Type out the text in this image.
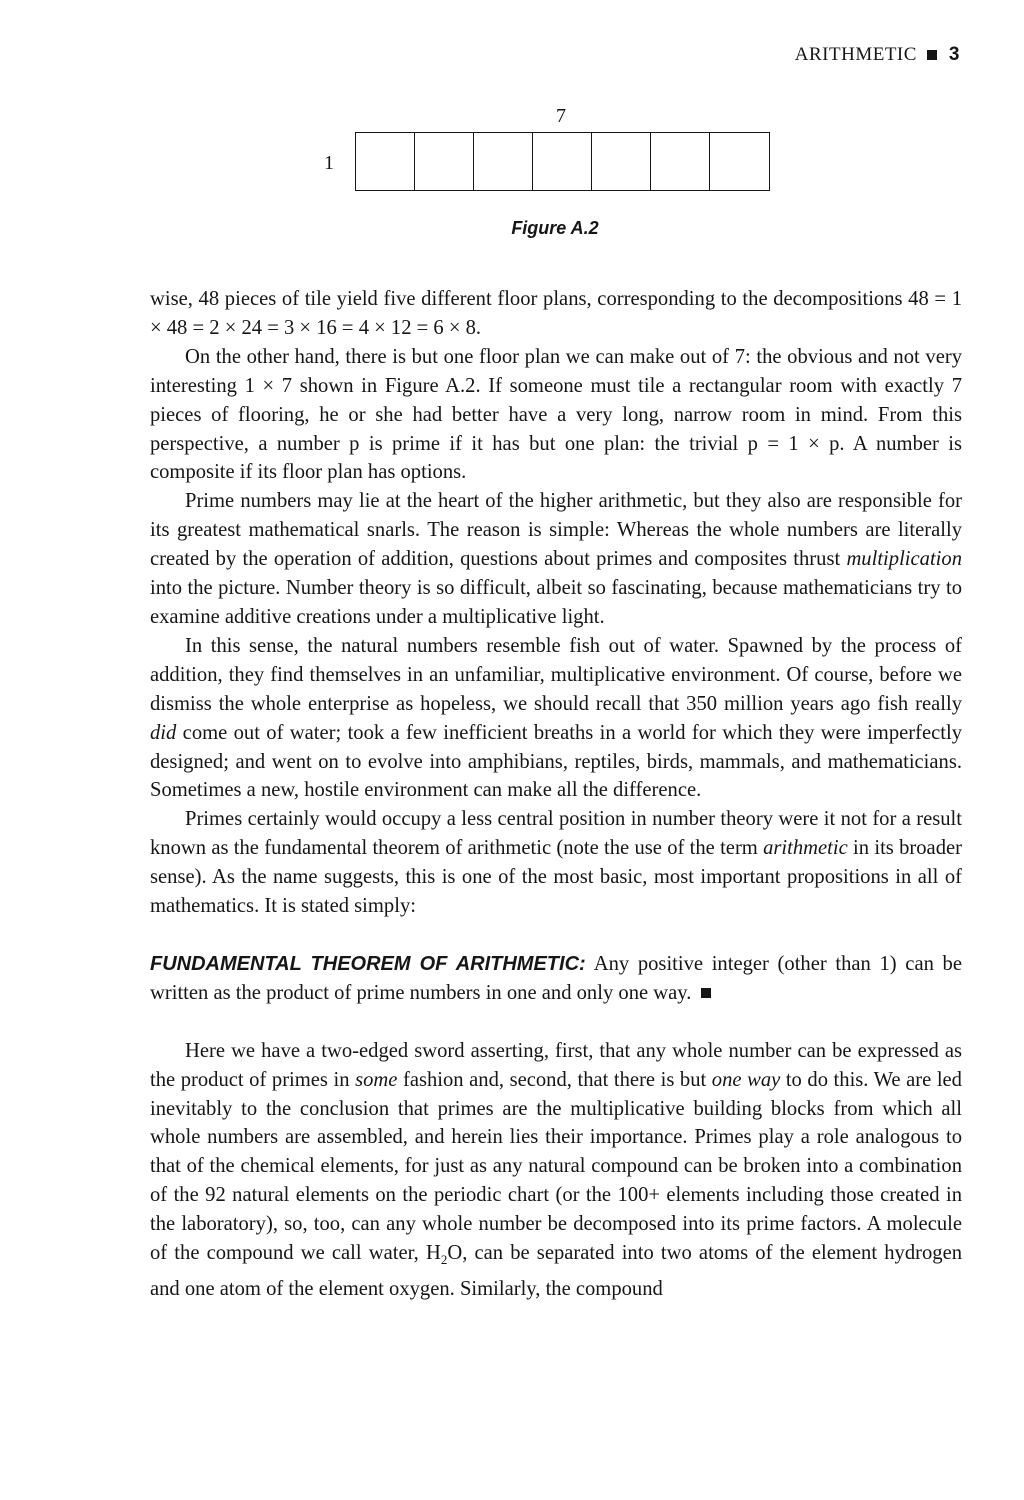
ARITHMETIC 3
7
1
Figure A.2

wise, 48 pieces of tile yield five different floor plans, corresponding to the decompositions 48 = 1 × 48 = 2 × 24 = 3 × 16 = 4 × 12 = 6 × 8.

On the other hand, there is but one floor plan we can make out of 7: the obvious and not very interesting 1 × 7 shown in Figure A.2. If someone must tile a rectangular room with exactly 7 pieces of flooring, he or she had better have a very long, narrow room in mind. From this perspective, a number p is prime if it has but one plan: the trivial p = 1 × p. A number is composite if its floor plan has options.

Prime numbers may lie at the heart of the higher arithmetic, but they also are responsible for its greatest mathematical snarls. The reason is simple: Whereas the whole numbers are literally created by the operation of addition, questions about primes and composites thrust multiplication into the picture. Number theory is so difficult, albeit so fascinating, because mathematicians try to examine additive creations under a multiplicative light.

In this sense, the natural numbers resemble fish out of water. Spawned by the process of addition, they find themselves in an unfamiliar, multiplicative environment. Of course, before we dismiss the whole enterprise as hopeless, we should recall that 350 million years ago fish really did come out of water; took a few inefficient breaths in a world for which they were imperfectly designed; and went on to evolve into amphibians, reptiles, birds, mammals, and mathematicians. Sometimes a new, hostile environment can make all the difference.

Primes certainly would occupy a less central position in number theory were it not for a result known as the fundamental theorem of arithmetic (note the use of the term arithmetic in its broader sense). As the name suggests, this is one of the most basic, most important propositions in all of mathematics. It is stated simply:

FUNDAMENTAL THEOREM OF ARITHMETIC: Any positive integer (other than 1) can be written as the product of prime numbers in one and only one way.

Here we have a two-edged sword asserting, first, that any whole number can be expressed as the product of primes in some fashion and, second, that there is but one way to do this. We are led inevitably to the conclusion that primes are the multiplicative building blocks from which all whole numbers are assembled, and herein lies their importance. Primes play a role analogous to that of the chemical elements, for just as any natural compound can be broken into a combination of the 92 natural elements on the periodic chart (or the 100+ elements including those created in the laboratory), so, too, can any whole number be decomposed into its prime factors. A molecule of the compound we call water, $H_2O$, can be separated into two atoms of the element hydrogen and one atom of the element oxygen. Similarly, the compound
